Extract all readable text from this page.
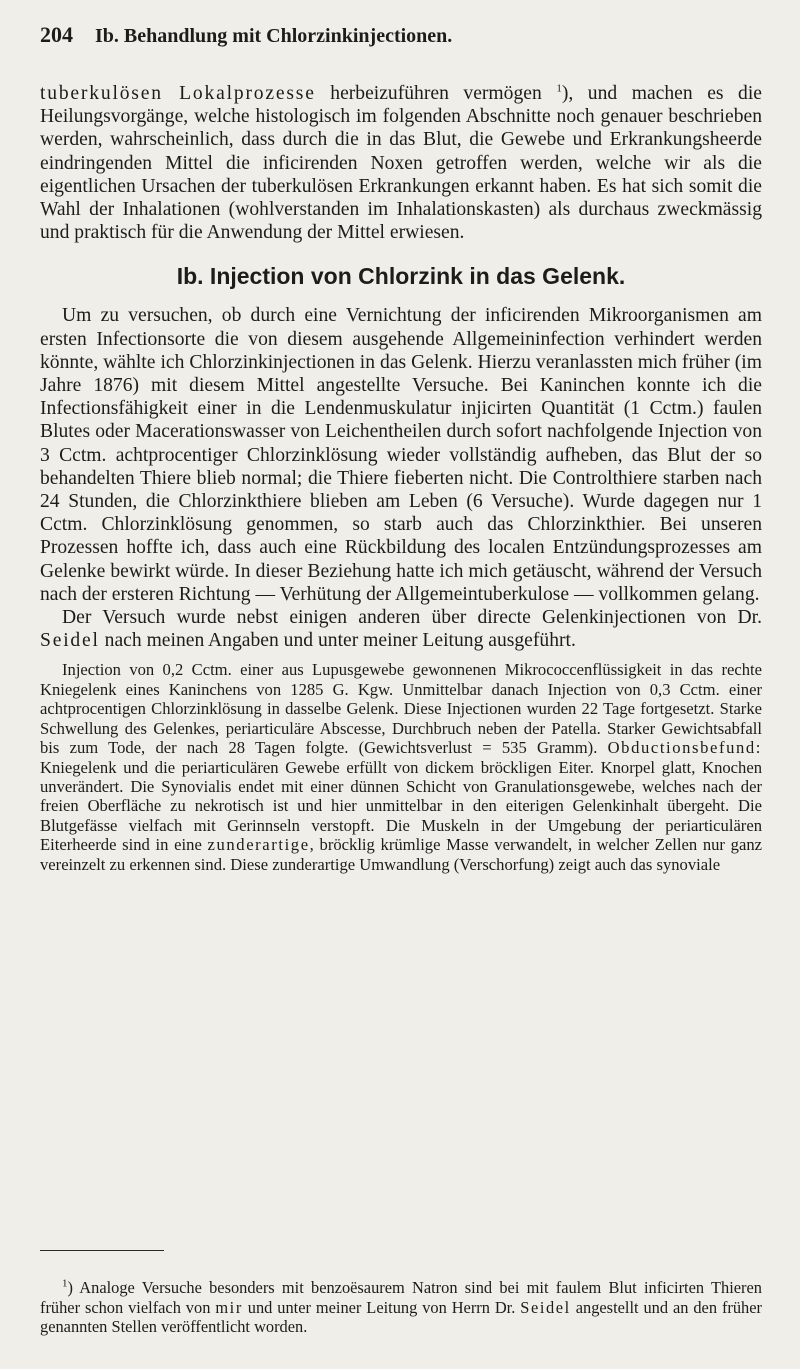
204 Ib. Behandlung mit Chlorzinkinjectionen.

tuberkulösen Lokalprozesse herbeizuführen vermögen $^1$), und machen es die Heilungsvorgänge, welche histologisch im folgenden Abschnitte noch genauer beschrieben werden, wahrscheinlich, dass durch die in das Blut, die Gewebe und Erkrankungsheerde eindringenden Mittel die inficirenden Noxen getroffen werden, welche wir als die eigentlichen Ursachen der tuberkulösen Erkrankungen erkannt haben. Es hat sich somit die Wahl der Inhalationen (wohlverstanden im Inhalationskasten) als durchaus zweckmässig und praktisch für die Anwendung der Mittel erwiesen.

Ib. Injection von Chlorzink in das Gelenk.

Um zu versuchen, ob durch eine Vernichtung der inficirenden Mikroorganismen am ersten Infectionsorte die von diesem ausgehende Allgemeininfection verhindert werden könnte, wählte ich Chlorzinkinjectionen in das Gelenk. Hierzu veranlassten mich früher (im Jahre 1876) mit diesem Mittel angestellte Versuche. Bei Kaninchen konnte ich die Infectionsfähigkeit einer in die Lendenmuskulatur injicirten Quantität (1 Cctm.) faulen Blutes oder Macerationswasser von Leichentheilen durch sofort nachfolgende Injection von 3 Cctm. achtprocentiger Chlorzinklösung wieder vollständig aufheben, das Blut der so behandelten Thiere blieb normal; die Thiere fieberten nicht. Die Controlthiere starben nach 24 Stunden, die Chlorzinkthiere blieben am Leben (6 Versuche). Wurde dagegen nur 1 Cctm. Chlorzinklösung genommen, so starb auch das Chlorzinkthier. Bei unseren Prozessen hoffte ich, dass auch eine Rückbildung des localen Entzündungsprozesses am Gelenke bewirkt würde. In dieser Beziehung hatte ich mich getäuscht, während der Versuch nach der ersteren Richtung — Verhütung der Allgemeintuberkulose — vollkommen gelang.

Der Versuch wurde nebst einigen anderen über directe Gelenkinjectionen von Dr. Seidel nach meinen Angaben und unter meiner Leitung ausgeführt.

Injection von 0,2 Cctm. einer aus Lupusgewebe gewonnenen Mikrococcenflüssigkeit in das rechte Kniegelenk eines Kaninchens von 1285 G. Kgw. Unmittelbar danach Injection von 0,3 Cctm. einer achtprocentigen Chlorzinklösung in dasselbe Gelenk. Diese Injectionen wurden 22 Tage fortgesetzt. Starke Schwellung des Gelenkes, periarticuläre Abscesse, Durchbruch neben der Patella. Starker Gewichtsabfall bis zum Tode, der nach 28 Tagen folgte. (Gewichtsverlust = 535 Gramm). Obductionsbefund: Kniegelenk und die periarticulären Gewebe erfüllt von dickem bröckligen Eiter. Knorpel glatt, Knochen unverändert. Die Synovialis endet mit einer dünnen Schicht von Granulationsgewebe, welches nach der freien Oberfläche zu nekrotisch ist und hier unmittelbar in den eiterigen Gelenkinhalt übergeht. Die Blutgefässe vielfach mit Gerinnseln verstopft. Die Muskeln in der Umgebung der periarticulären Eiterheerde sind in eine zunderartige, bröcklig krümlige Masse verwandelt, in welcher Zellen nur ganz vereinzelt zu erkennen sind. Diese zunderartige Umwandlung (Verschorfung) zeigt auch das synoviale

$^1$) Analoge Versuche besonders mit benzoësaurem Natron sind bei mit faulem Blut inficirten Thieren früher schon vielfach von mir und unter meiner Leitung von Herrn Dr. Seidel angestellt und an den früher genannten Stellen veröffentlicht worden.
